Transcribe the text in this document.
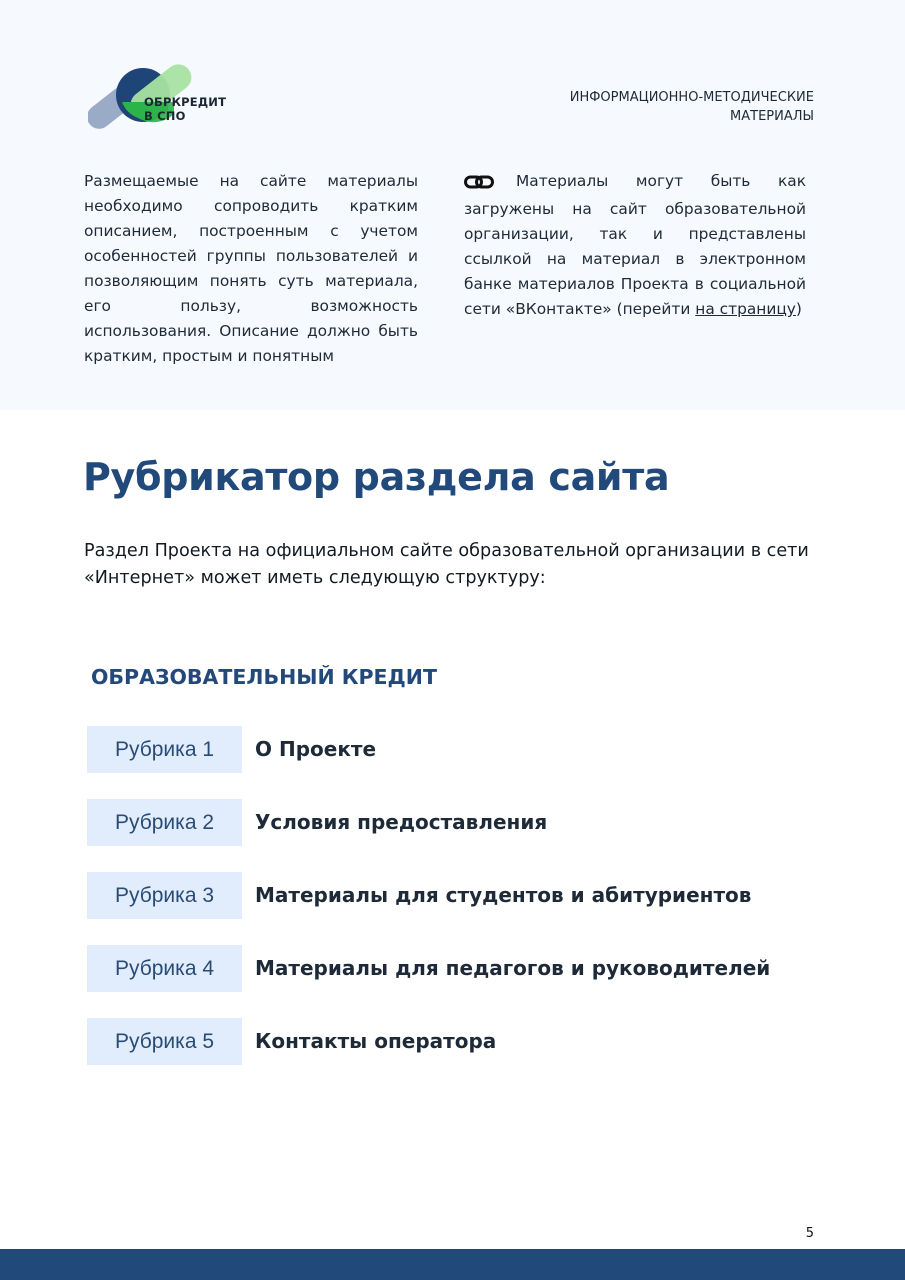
ОБРКРЕДИТ
В СПО
ИНФОРМАЦИОННО-МЕТОДИЧЕСКИЕ
МАТЕРИАЛЫ
Размещаемые на сайте материалы необходимо сопроводить кратким описанием, построенным с учетом особенностей группы пользователей и позволяющим понять суть материала, его пользу, возможность использования. Описание должно быть кратким, простым и понятным
Материалы могут быть как загружены на сайт образовательной организации, так и представлены ссылкой на материал в электронном банке материалов Проекта в социальной сети «ВКонтакте» (перейти на страницу)
Рубрикатор раздела сайта
Раздел Проекта на официальном сайте образовательной организации в сети «Интернет» может иметь следующую структуру:
ОБРАЗОВАТЕЛЬНЫЙ КРЕДИТ
Рубрика 1	О Проекте
Рубрика 2	Условия предоставления
Рубрика 3	Материалы для студентов и абитуриентов
Рубрика 4	Материалы для педагогов и руководителей
Рубрика 5	Контакты оператора
5
